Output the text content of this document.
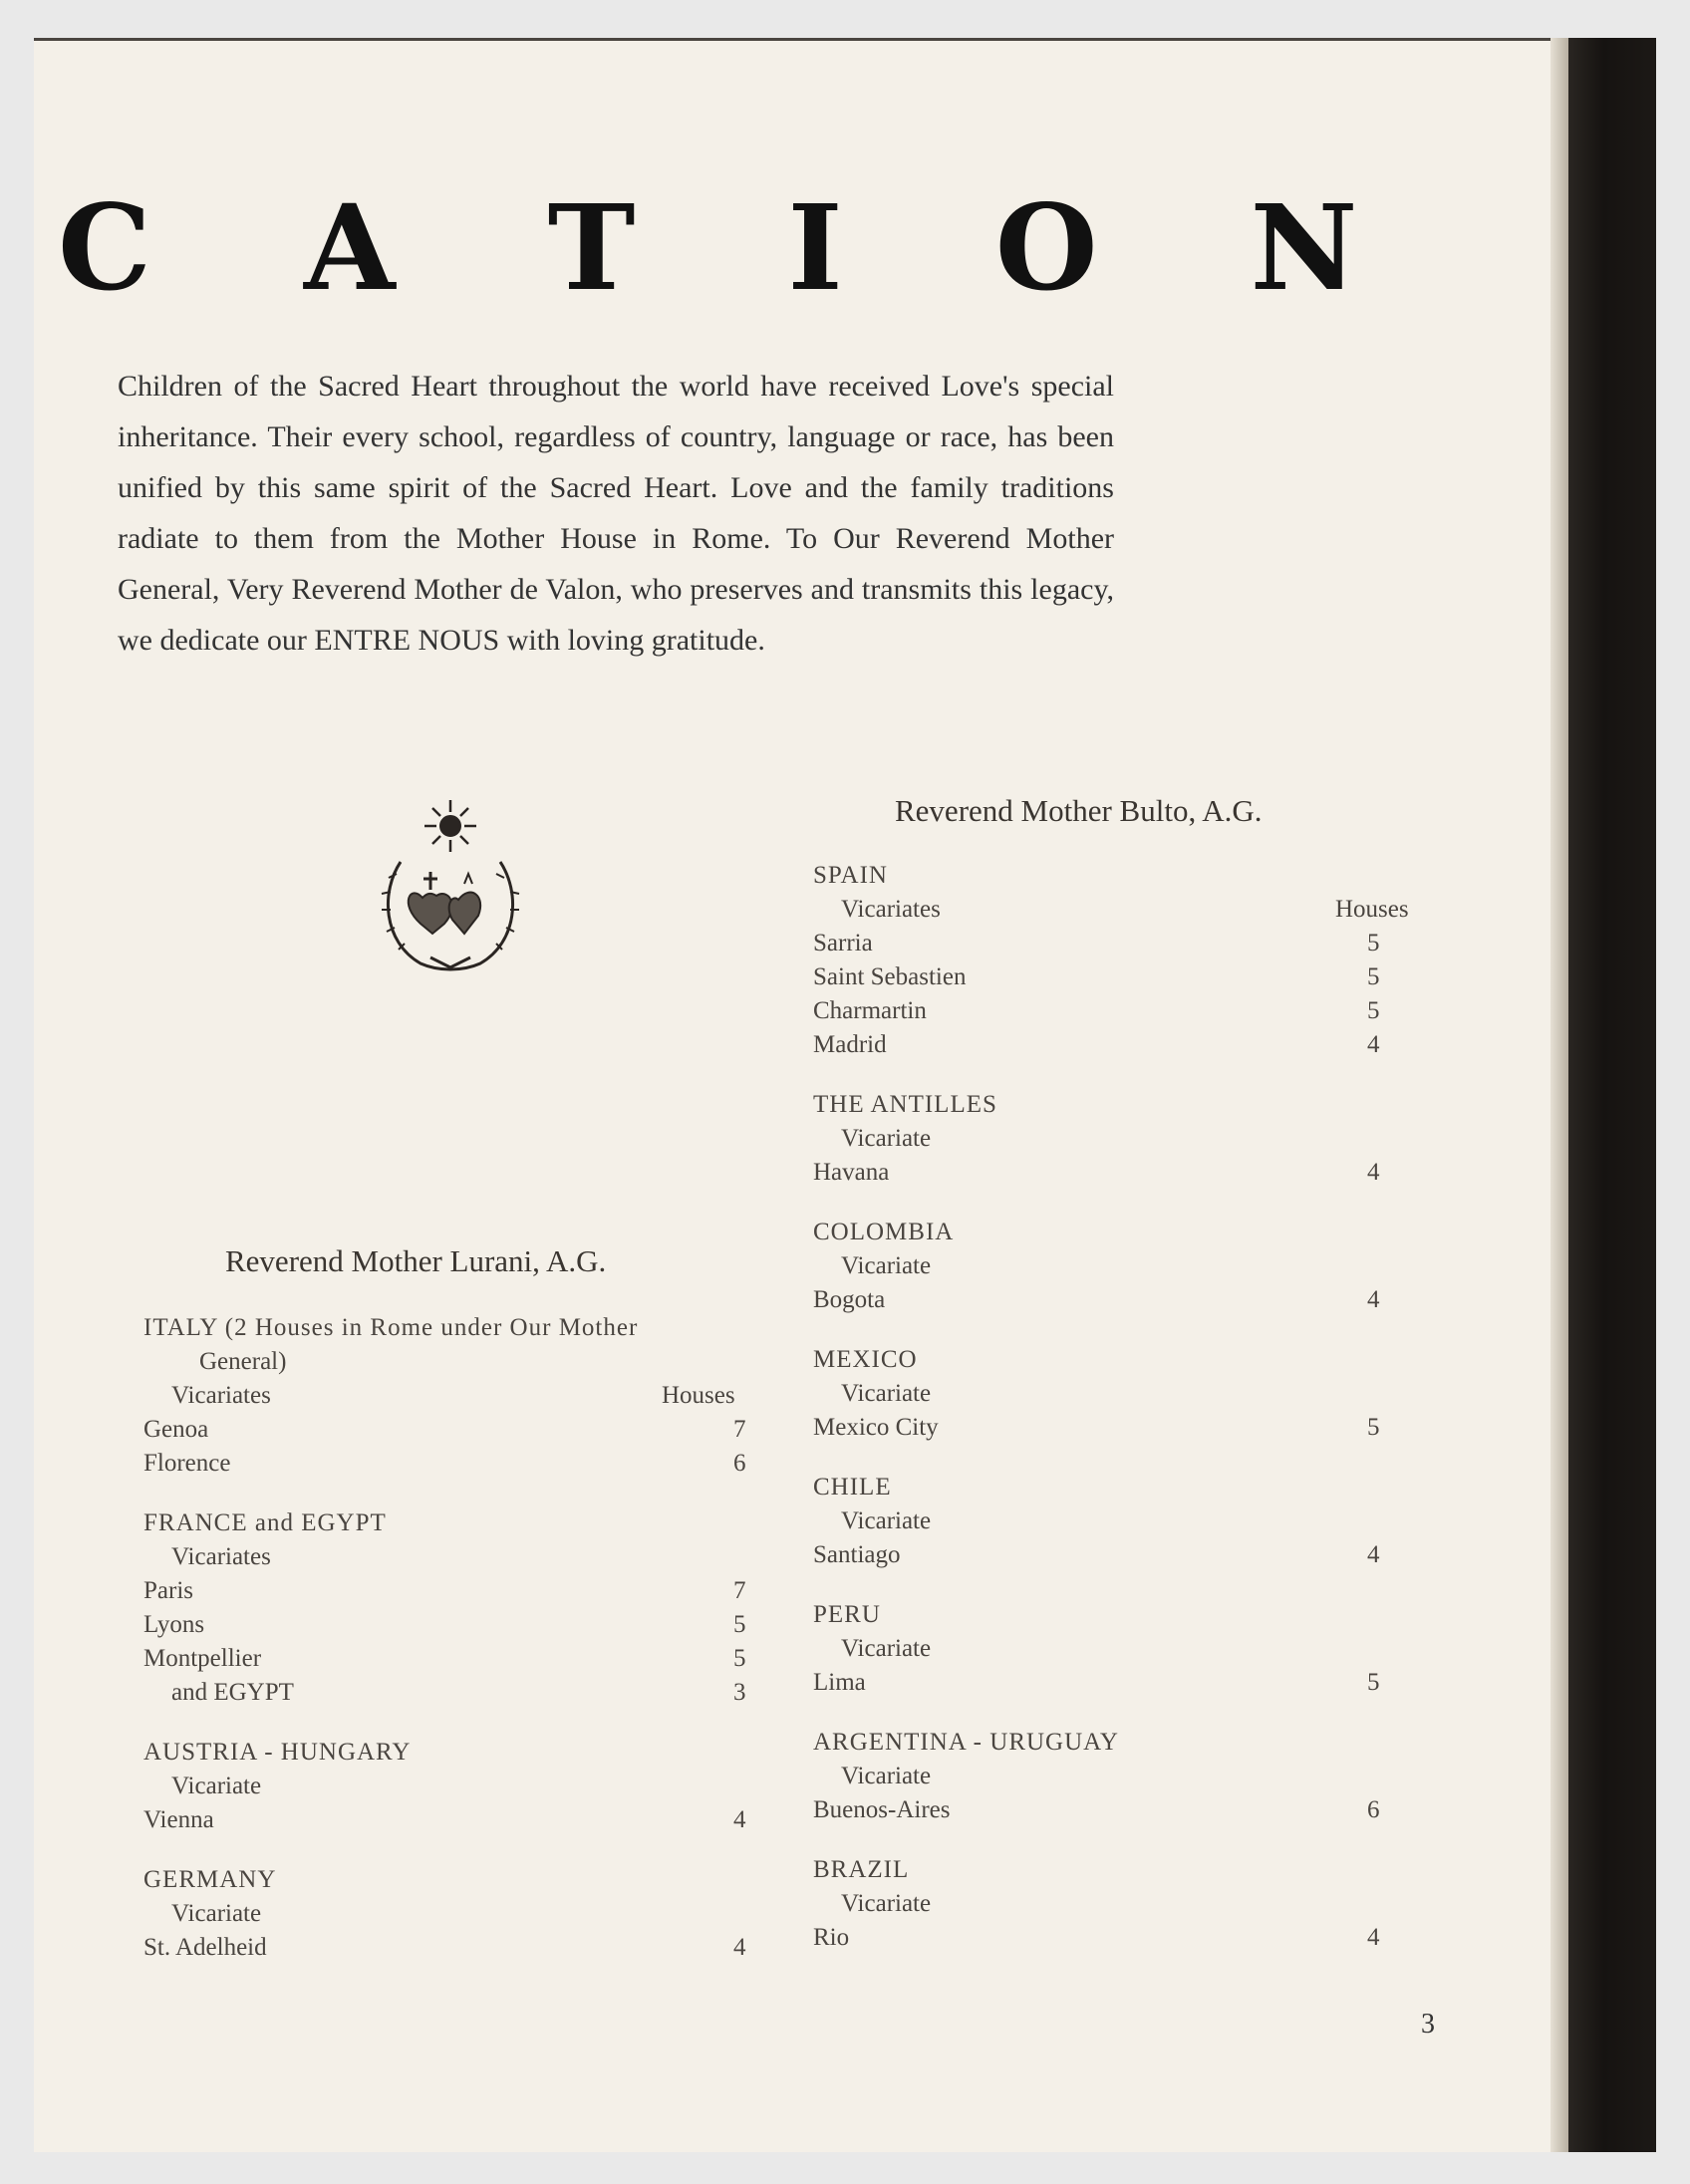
C A T I O N

Children of the Sacred Heart throughout the world have received Love's special inheritance. Their every school, regardless of country, language or race, has been unified by this same spirit of the Sacred Heart. Love and the family traditions radiate to them from the Mother House in Rome. To Our Reverend Mother General, Very Reverend Mother de Valon, who preserves and transmits this legacy, we dedicate our ENTRE NOUS with loving gratitude.

Reverend Mother Lurani, A.G.
ITALY (2 Houses in Rome under Our Mother
General)
Vicariates	Houses
Genoa	7
Florence	6
FRANCE and EGYPT
Vicariates
Paris	7
Lyons	5
Montpellier	5
and EGYPT	3
AUSTRIA - HUNGARY
Vicariate
Vienna	4
GERMANY
Vicariate
St. Adelheid	4
Reverend Mother Bulto, A.G.
SPAIN
Vicariates	Houses
Sarria	5
Saint Sebastien	5
Charmartin	5
Madrid	4
THE ANTILLES
Vicariate
Havana	4
COLOMBIA
Vicariate
Bogota	4
MEXICO
Vicariate
Mexico City	5
CHILE
Vicariate
Santiago	4
PERU
Vicariate
Lima	5
ARGENTINA - URUGUAY
Vicariate
Buenos-Aires	6
BRAZIL
Vicariate
Rio	4
3
